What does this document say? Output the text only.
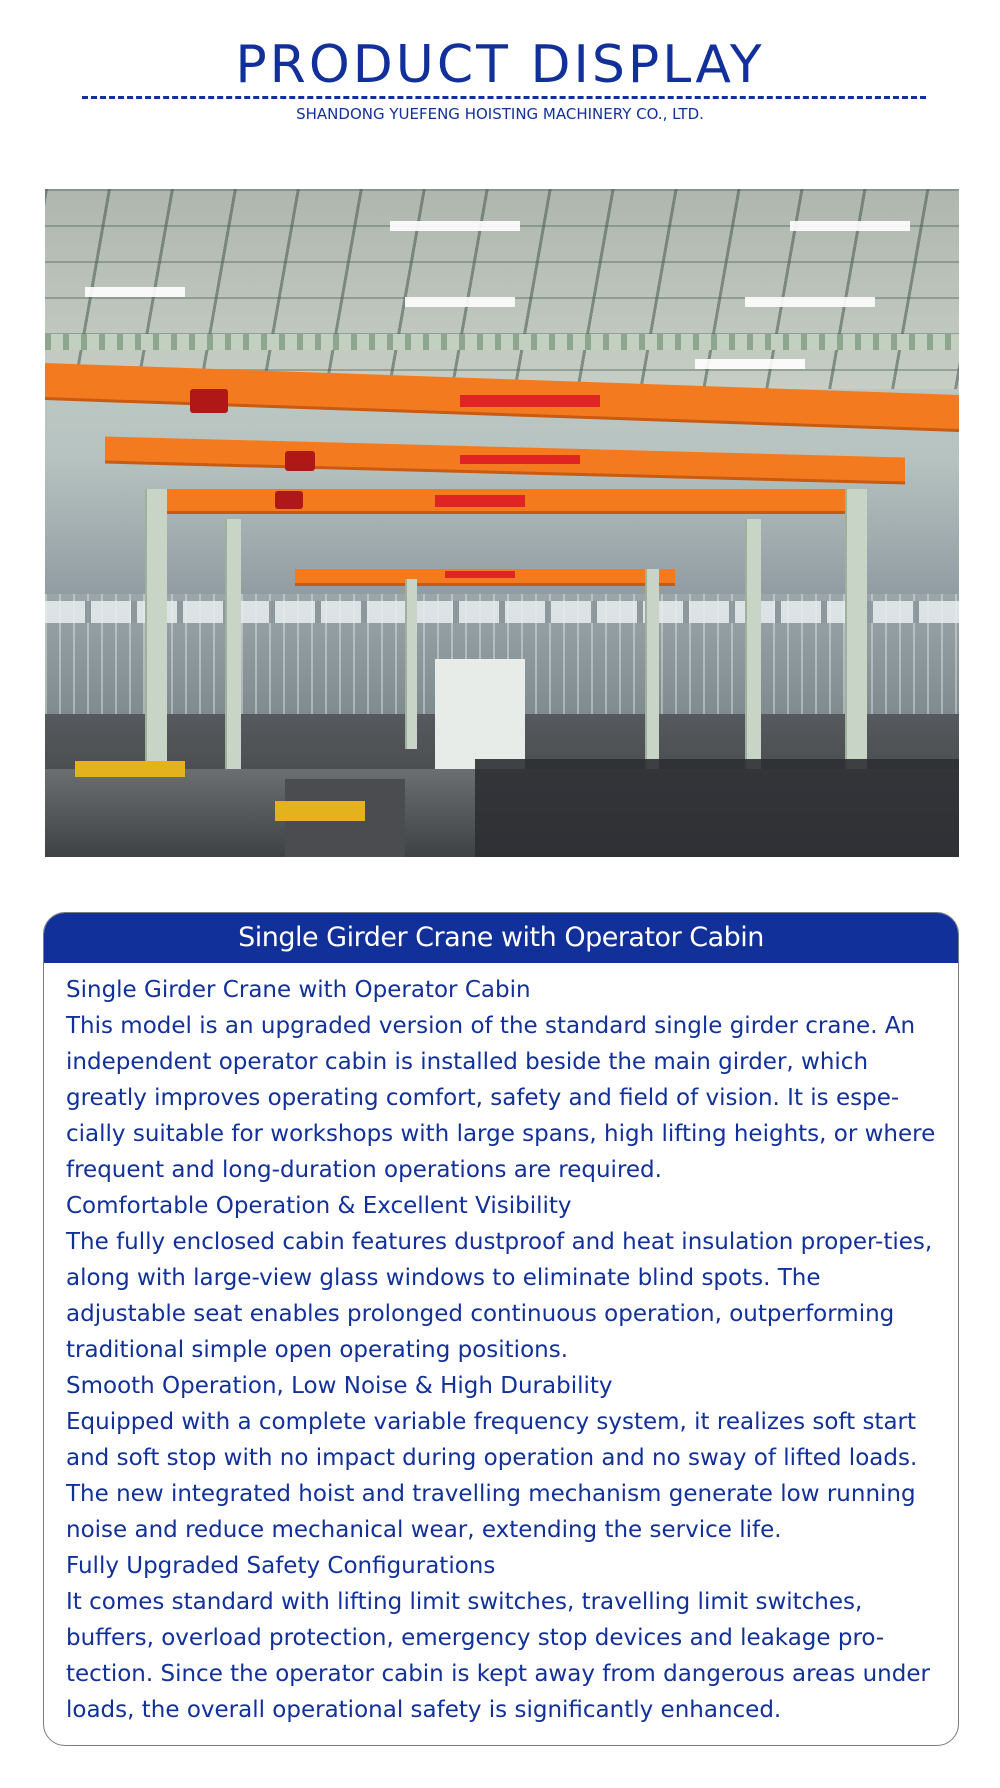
PRODUCT DISPLAY
SHANDONG YUEFENG HOISTING MACHINERY CO., LTD.
Single Girder Crane with Operator Cabin

Single Girder Crane with Operator Cabin

This model is an upgraded version of the standard single girder crane. An independent operator cabin is installed beside the main girder, which greatly improves operating comfort, safety and field of vision. It is espe-cially suitable for workshops with large spans, high lifting heights, or where frequent and long-duration operations are required.

Comfortable Operation & Excellent Visibility

The fully enclosed cabin features dustproof and heat insulation proper-ties, along with large-view glass windows to eliminate blind spots. The adjustable seat enables prolonged continuous operation, outperforming traditional simple open operating positions.

Smooth Operation, Low Noise & High Durability

Equipped with a complete variable frequency system, it realizes soft start and soft stop with no impact during operation and no sway of lifted loads. The new integrated hoist and travelling mechanism generate low running noise and reduce mechanical wear, extending the service life.

Fully Upgraded Safety Configurations

It comes standard with lifting limit switches, travelling limit switches, buffers, overload protection, emergency stop devices and leakage pro-tection. Since the operator cabin is kept away from dangerous areas under loads, the overall operational safety is significantly enhanced.
